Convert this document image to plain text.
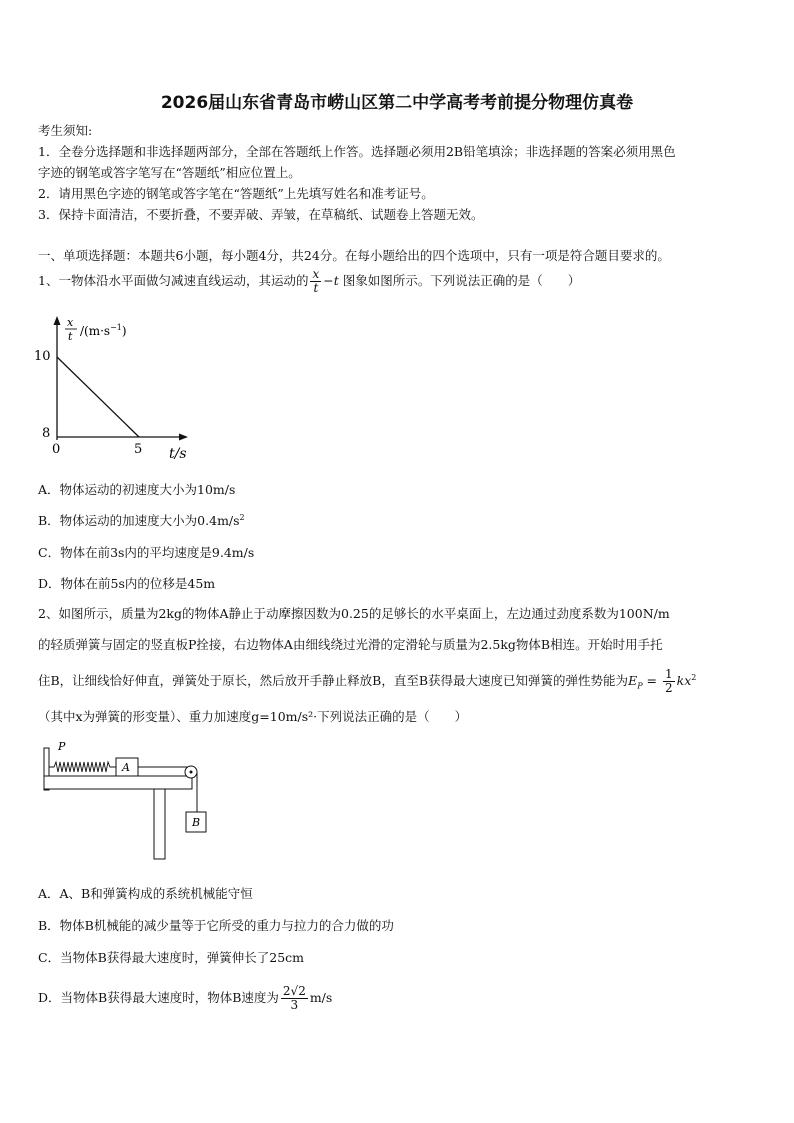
2026届山东省青岛市崂山区第二中学高考考前提分物理仿真卷
考生须知:
1．全卷分选择题和非选择题两部分，全部在答题纸上作答。选择题必须用2B铅笔填涂；非选择题的答案必须用黑色
字迹的钢笔或答字笔写在“答题纸”相应位置上。
2．请用黑色字迹的钢笔或答字笔在“答题纸”上先填写姓名和准考证号。
3．保持卡面清洁，不要折叠，不要弄破、弄皱，在草稿纸、试题卷上答题无效。
一、单项选择题：本题共6小题，每小题4分，共24分。在每小题给出的四个选项中，只有一项是符合题目要求的。
1、一物体沿水平面做匀减速直线运动，其运动的 $\frac{x}{t} -t$ 图象如图所示。下列说法正确的是（　　）
10
8
0	5 t/s
x
t $/(m\cdot s^{-1})$
A．物体运动的初速度大小为10m/s
B．物体运动的加速度大小为$0.4m/s^2$
C．物体在前3s内的平均速度是9.4m/s
D．物体在前5s内的位移是45m
2、如图所示，质量为2kg的物体A静止于动摩擦因数为0.25的足够长的水平桌面上，左边通过劲度系数为100N/m
的轻质弹簧与固定的竖直板P拴接，右边物体A由细线绕过光滑的定滑轮与质量为2.5kg物体B相连。开始时用手托
住B，让细线恰好伸直，弹簧处于原长，然后放开手静止释放B，直至B获得最大速度已知弹簧的弹性势能为$E_P = \frac{1}{2} kx^2$
（其中x为弹簧的形变量）、重力加速度g=10m/s²·下列说法正确的是（　　）
P
A
B
A．A、B和弹簧构成的系统机械能守恒
B．物体B机械能的减少量等于它所受的重力与拉力的合力做的功
C．当物体B获得最大速度时，弹簧伸长了25cm
D．当物体B获得最大速度时，物体B速度为 $\frac{2√2}{3} m/s$
